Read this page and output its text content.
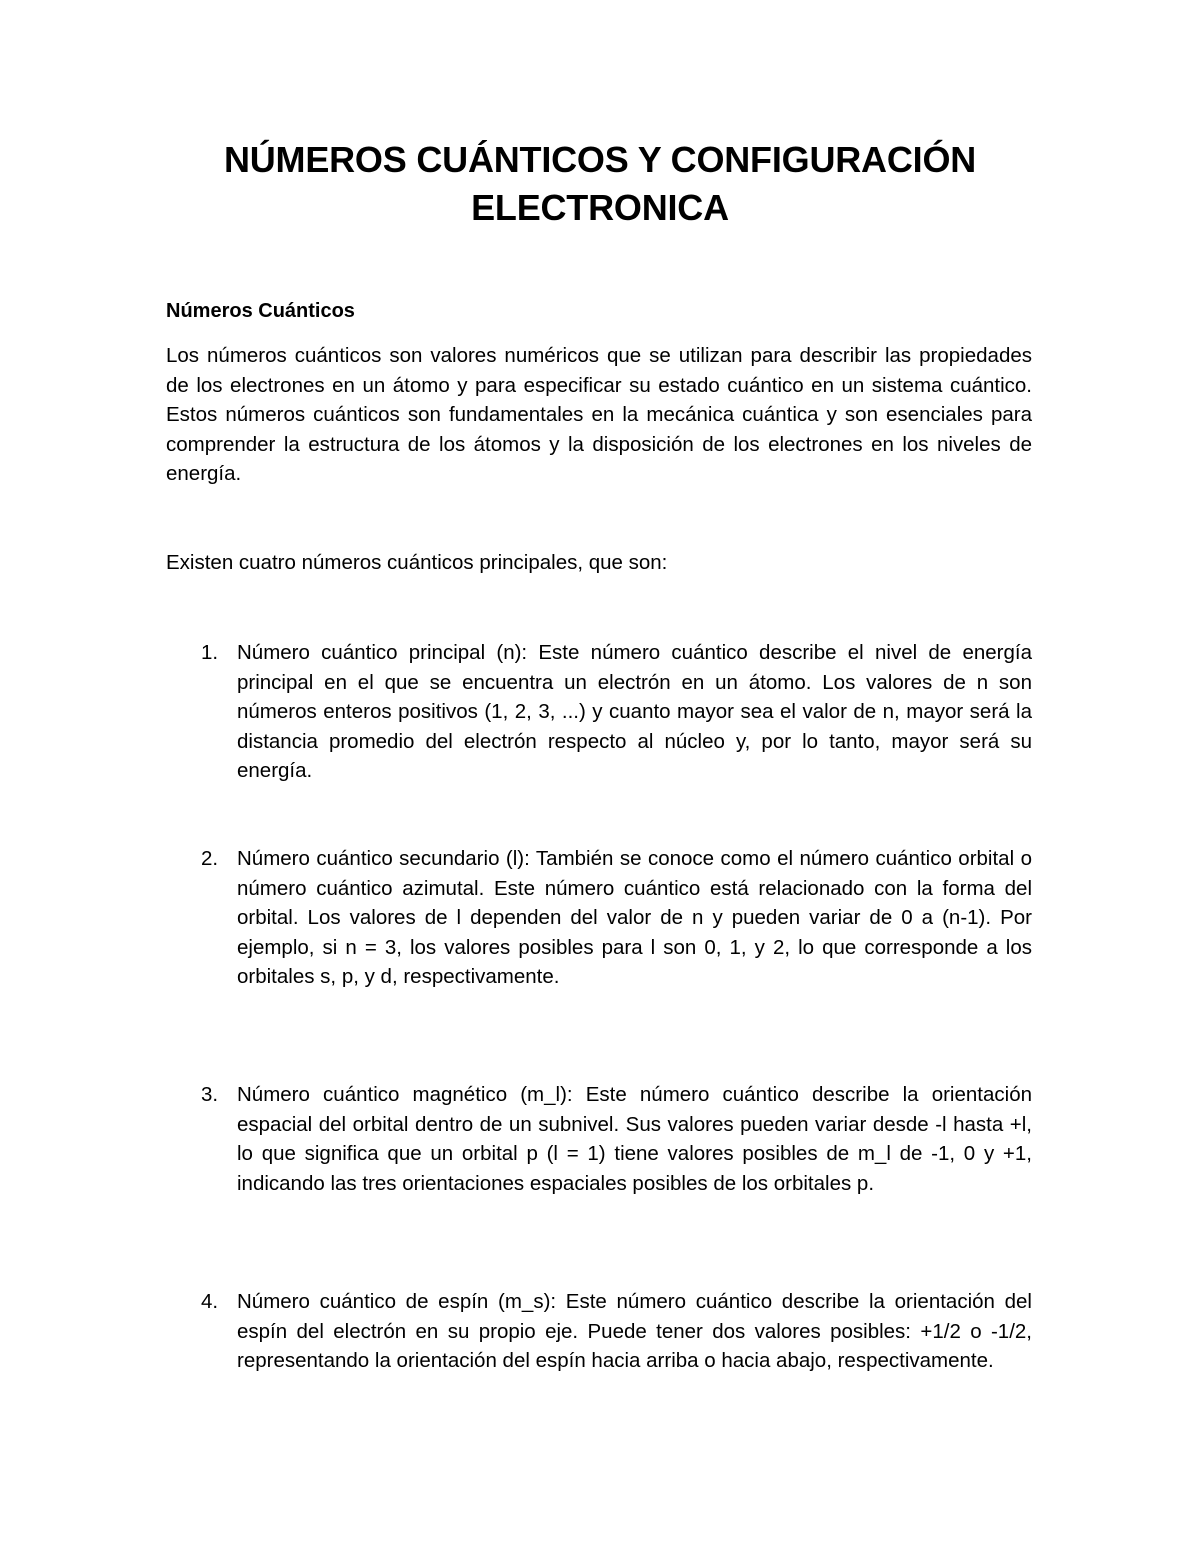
NÚMEROS CUÁNTICOS Y CONFIGURACIÓN ELECTRONICA
Números Cuánticos

Los números cuánticos son valores numéricos que se utilizan para describir las propiedades de los electrones en un átomo y para especificar su estado cuántico en un sistema cuántico. Estos números cuánticos son fundamentales en la mecánica cuántica y son esenciales para comprender la estructura de los átomos y la disposición de los electrones en los niveles de energía.

Existen cuatro números cuánticos principales, que son:

1. Número cuántico principal (n): Este número cuántico describe el nivel de energía principal en el que se encuentra un electrón en un átomo. Los valores de n son números enteros positivos (1, 2, 3, ...) y cuanto mayor sea el valor de n, mayor será la distancia promedio del electrón respecto al núcleo y, por lo tanto, mayor será su energía.

2. Número cuántico secundario (l): También se conoce como el número cuántico orbital o número cuántico azimutal. Este número cuántico está relacionado con la forma del orbital. Los valores de l dependen del valor de n y pueden variar de 0 a (n-1). Por ejemplo, si n = 3, los valores posibles para l son 0, 1, y 2, lo que corresponde a los orbitales s, p, y d, respectivamente.

3. Número cuántico magnético (m_l): Este número cuántico describe la orientación espacial del orbital dentro de un subnivel. Sus valores pueden variar desde -l hasta +l, lo que significa que un orbital p (l = 1) tiene valores posibles de m_l de -1, 0 y +1, indicando las tres orientaciones espaciales posibles de los orbitales p.

4. Número cuántico de espín (m_s): Este número cuántico describe la orientación del espín del electrón en su propio eje. Puede tener dos valores posibles: +1/2 o -1/2, representando la orientación del espín hacia arriba o hacia abajo, respectivamente.
